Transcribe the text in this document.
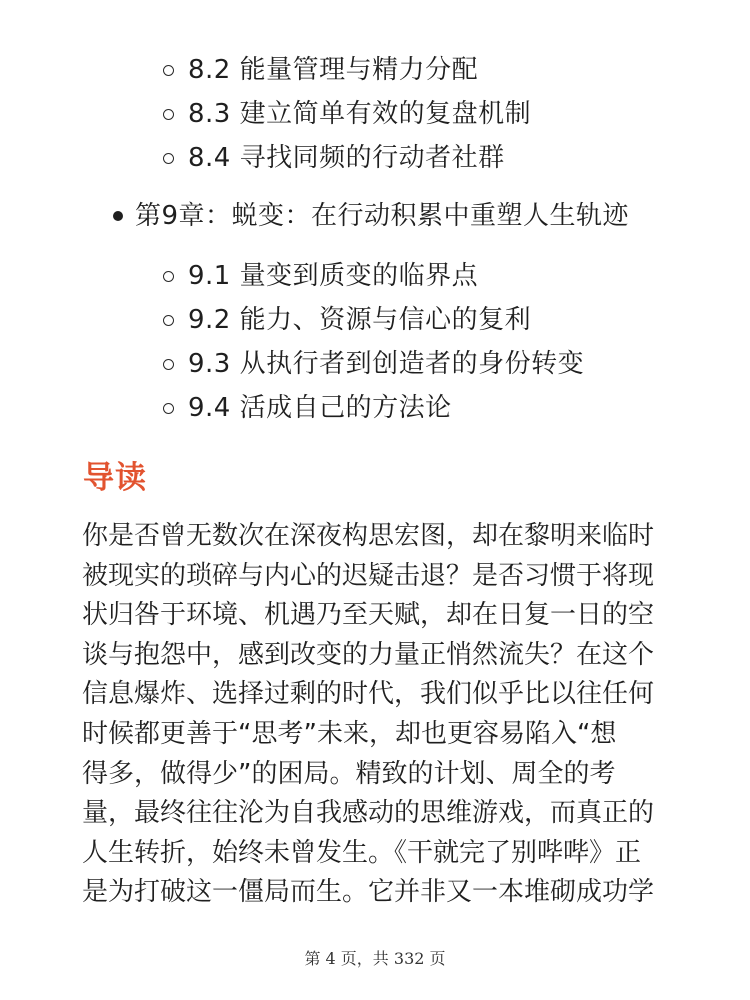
8.2 能量管理与精力分配
8.3 建立简单有效的复盘机制
8.4 寻找同频的行动者社群
第9章：蜕变：在行动积累中重塑人生轨迹
9.1 量变到质变的临界点
9.2 能力、资源与信心的复利
9.3 从执行者到创造者的身份转变
9.4 活成自己的方法论
导读
你是否曾无数次在深夜构思宏图，却在黎明来临时
被现实的琐碎与内心的迟疑击退？是否习惯于将现
状归咎于环境、机遇乃至天赋，却在日复一日的空
谈与抱怨中，感到改变的力量正悄然流失？在这个
信息爆炸、选择过剩的时代，我们似乎比以往任何
时候都更善于“思考”未来，却也更容易陷入“想
得多，做得少”的困局。精致的计划、周全的考
量，最终往往沦为自我感动的思维游戏，而真正的
人生转折，始终未曾发生。《干就完了别哔哔》正
是为打破这一僵局而生。它并非又一本堆砌成功学
第 4 页，共 332 页
